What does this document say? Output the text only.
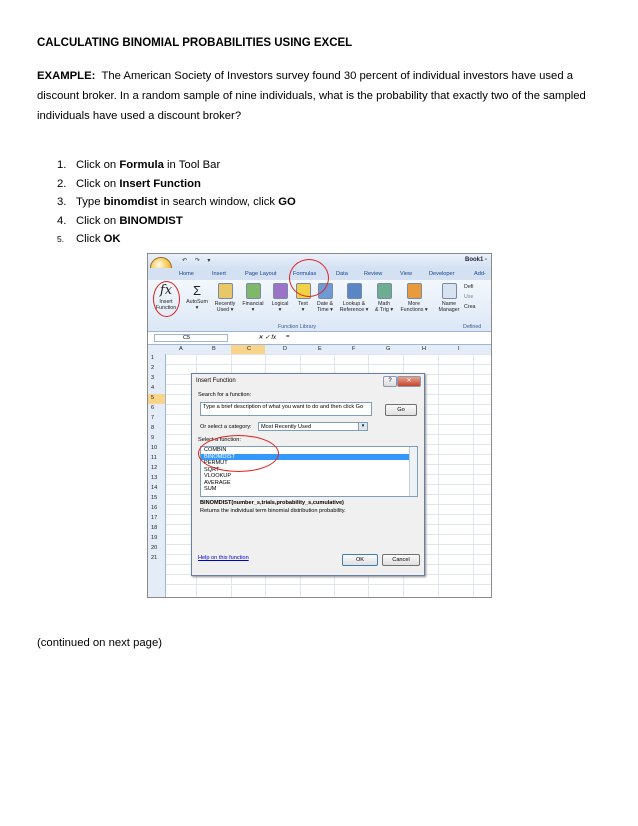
CALCULATING BINOMIAL PROBABILITIES USING EXCEL
EXAMPLE: The American Society of Investors survey found 30 percent of individual investors have used a discount broker. In a random sample of nine individuals, what is the probability that exactly two of the sampled individuals have used a discount broker?
1. Click on Formula in Tool Bar
2. Click on Insert Function
3. Type binomdist in search window, click GO
4. Click on BINOMDIST
5.	Click OK
↶ ↷ ▾	Book1 -
Home	Insert	Page Layout	Formulas	Data	Review	View	Developer	Add-
fx
Insert
Function
Σ
AutoSum
▾
Recently
Used ▾
Financial
▾
Logical
▾
Text
▾
Date &
Time ▾
Lookup &
Reference ▾
Math
& Trig ▾
More
Functions ▾
Name
Manager
Defi
Use
Crea
Function Library	Defined
C5	✕ ✓ fx =
A	B	C	D	E	F	G	H	I
1
2
3
4
5
6
7
8
9
10
11
12
13
14
15
16
17
18
19
20
21
Insert Function	?	✕
Search for a function:
Type a brief description of what you want to do and then click Go	Go
Or select a category:	Most Recently Used	▾
Select a function:
COMBIN
BINOMDIST
PERMUT
SQRT
VLOOKUP
AVERAGE
SUM
BINOMDIST(number_s,trials,probability_s,cumulative)
Returns the individual term binomial distribution probability.
Help on this function	OK	Cancel
(continued on next page)
